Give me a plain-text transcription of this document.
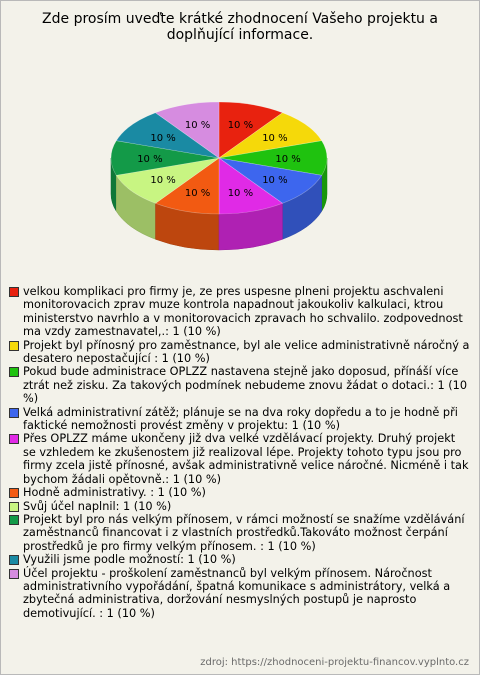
Zde prosím uveďte krátké zhodnocení Vašeho projektu a doplňující informace.
10 %
10 %
10 %
10 %
10 %
10 %
10 %
10 %
10 %
10 %
velkou komplikaci pro firmy je, ze pres uspesne plneni projektu aschvaleni monitorovacich zprav muze kontrola napadnout jakoukoliv kalkulaci, ktrou ministerstvo navrhlo a v monitorovacich zpravach ho schvalilo. zodpovednost ma vzdy zamestnavatel,.: 1 (10 %)
Projekt byl přínosný pro zaměstnance, byl ale velice administrativně náročný a desatero nepostačující : 1 (10 %)
Pokud bude administrace OPLZZ nastavena stejně jako doposud, přínáší více ztrát než zisku. Za takových podmínek nebudeme znovu žádat o dotaci.: 1 (10 %)
Velká administrativní zátěž; plánuje se na dva roky dopředu a to je hodně při faktické nemožnosti provést změny v projektu: 1 (10 %)
Přes OPLZZ máme ukončeny již dva velké vzdělávací projekty. Druhý projekt se vzhledem ke zkušenostem již realizoval lépe. Projekty tohoto typu jsou pro firmy zcela jistě přínosné, avšak administrativně velice náročné. Nicméně i tak bychom žádali opětovně.: 1 (10 %)
Hodně administrativy. : 1 (10 %)
Svůj účel naplnil: 1 (10 %)
Projekt byl pro nás velkým přínosem, v rámci možností se snažíme vzdělávání zaměstnanců financovat i z vlastních prostředků.Takováto možnost čerpání prostředků je pro firmy velkým přínosem. : 1 (10 %)
Využili jsme podle možností: 1 (10 %)
Účel projektu - proškolení zaměstnanců byl velkým přínosem. Náročnost administrativního vypořádání, špatná komunikace s administrátory, velká a zbytečná administrativa, doržování nesmyslných postupů je naprosto demotivující. : 1 (10 %)
zdroj: https://zhodnoceni-projektu-financov.vyplnto.cz
